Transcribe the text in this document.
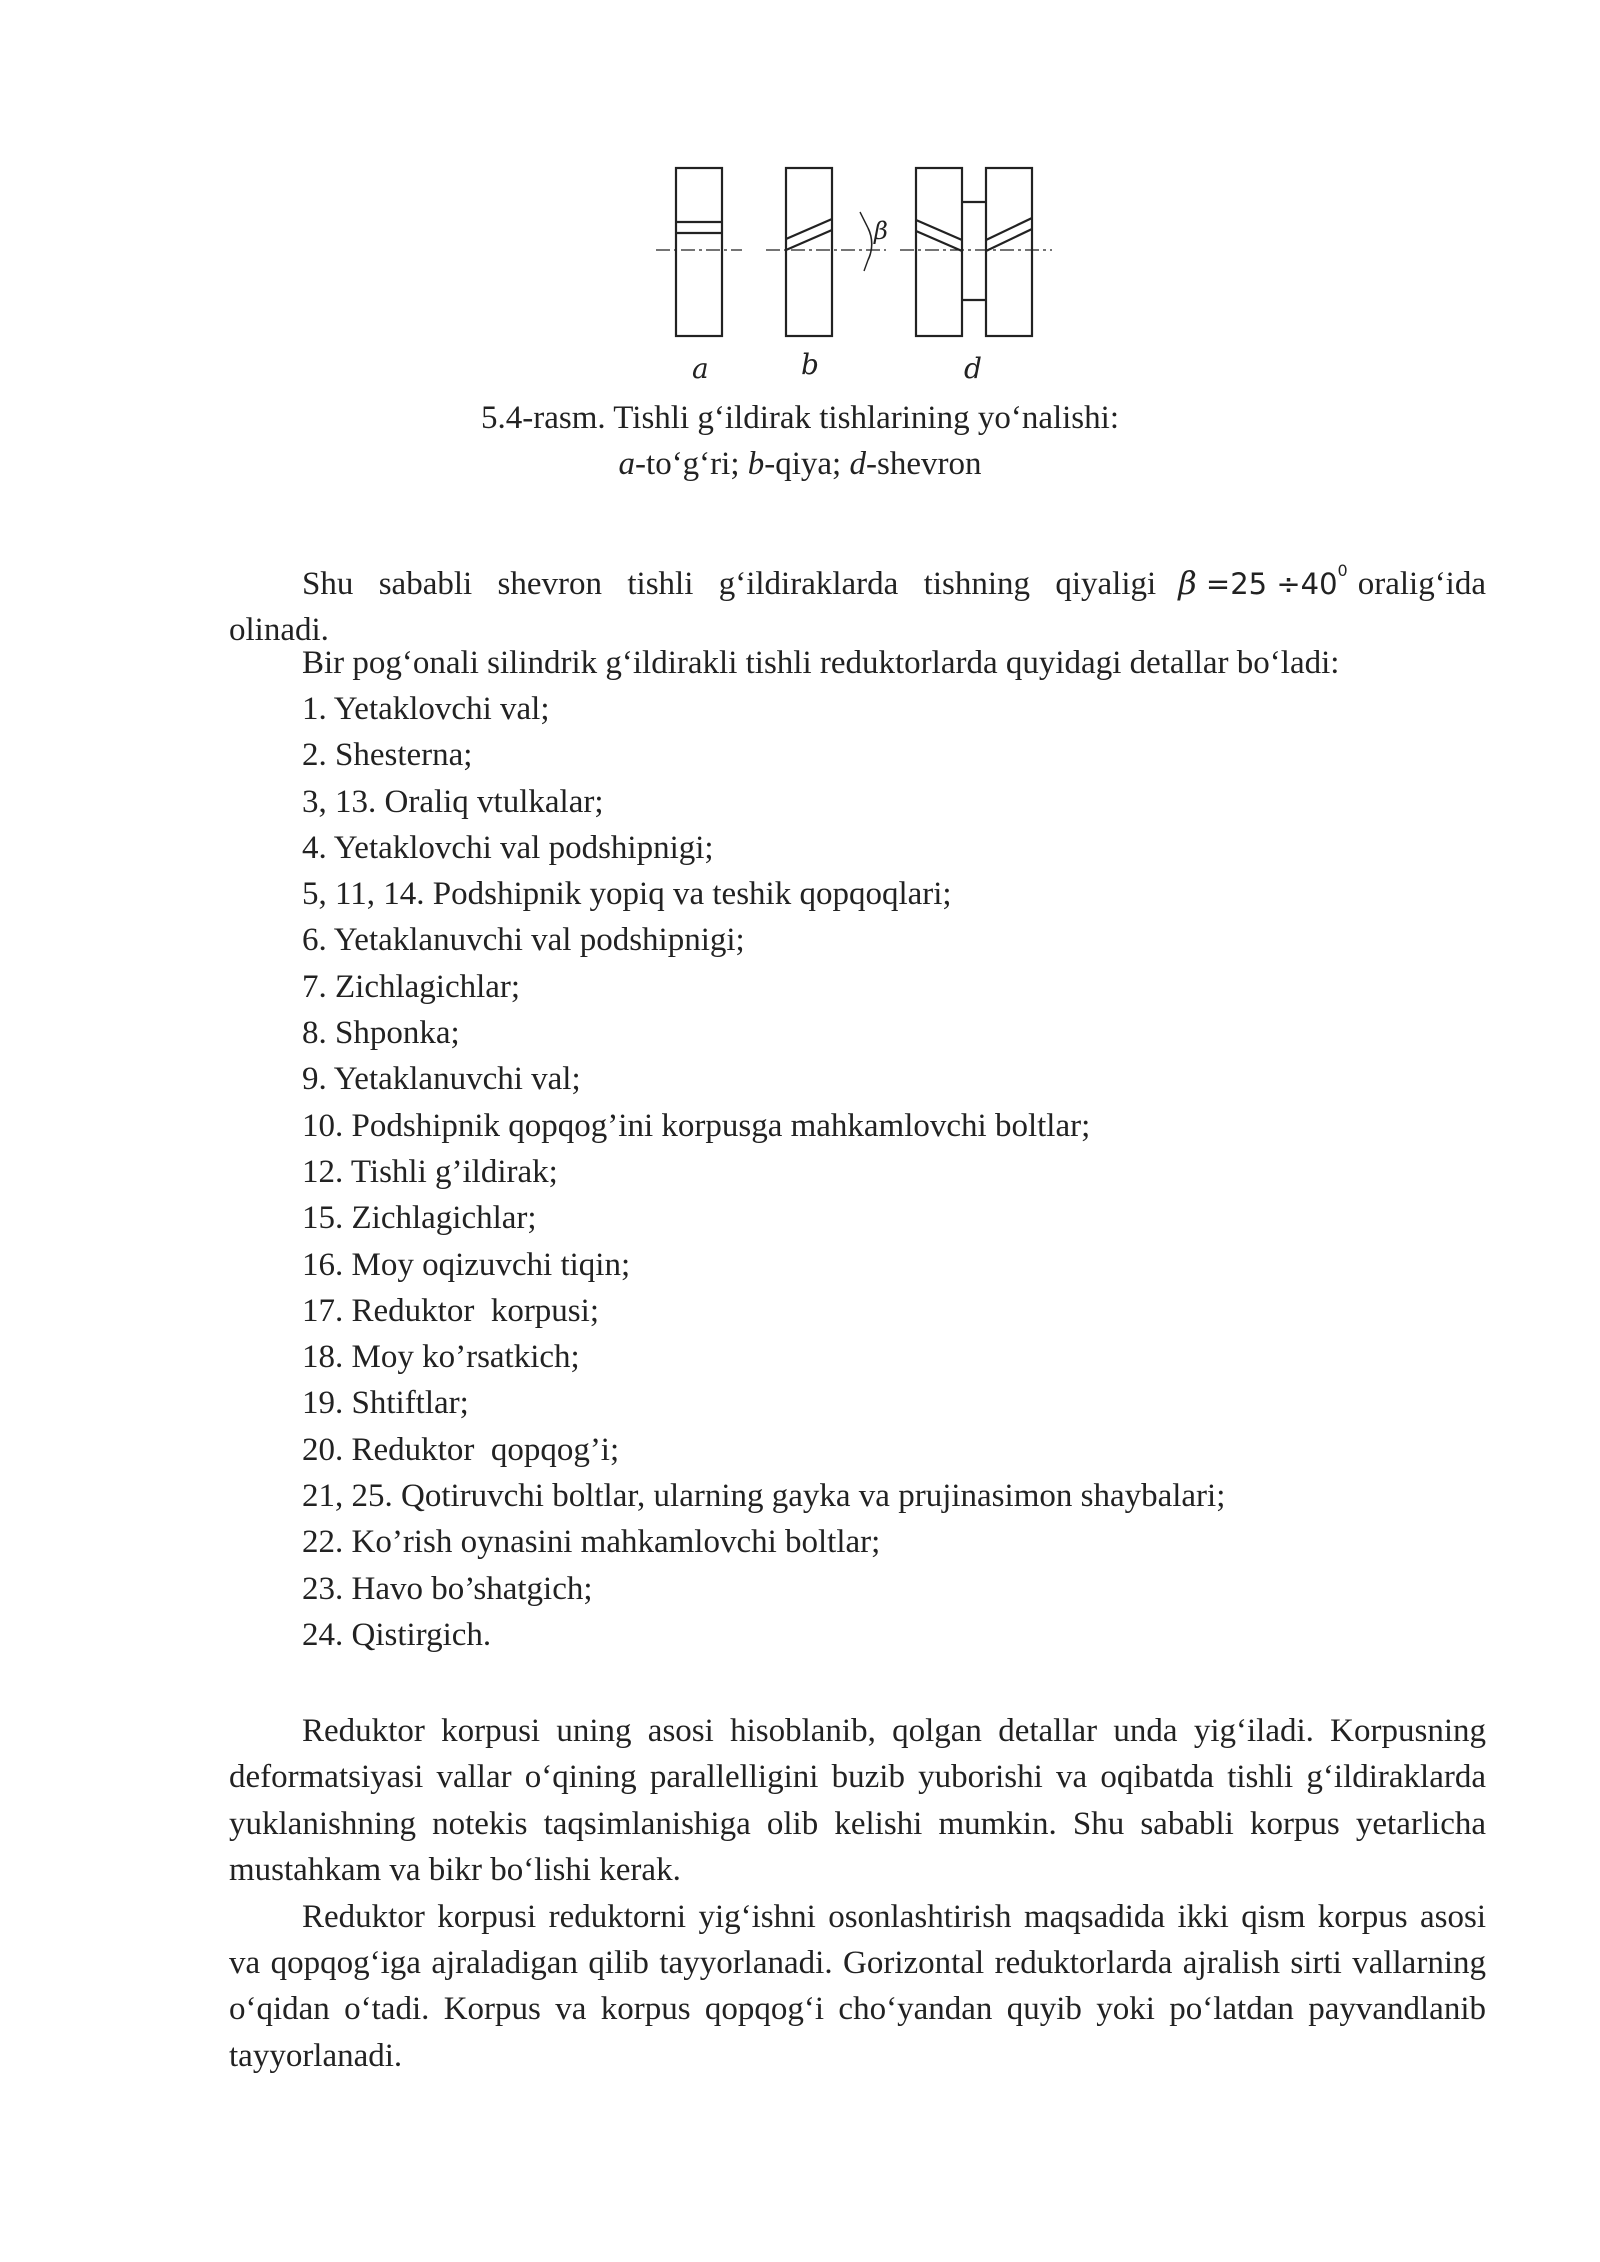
β
a	b	d
5.4-rasm. Tishli g‘ildirak tishlarining yo‘nalishi:
a-to‘g‘ri; b-qiya; d-shevron
Shu sababli shevron tishli g‘ildiraklarda tishning qiyaligi $\beta =25 \div 40^0$ oralig‘ida
olinadi.

Bir pog‘onali silindrik g‘ildirakli tishli reduktorlarda quyidagi detallar bo‘ladi:

1. Yetaklovchi val;
2. Shesterna;
3, 13. Oraliq vtulkalar;
4. Yetaklovchi val podshipnigi;
5, 11, 14. Podshipnik yopiq va teshik qopqoqlari;
6. Yetaklanuvchi val podshipnigi;
7. Zichlagichlar;
8. Shponka;
9. Yetaklanuvchi val;
10. Podshipnik qopqog’ini korpusga mahkamlovchi boltlar;
12. Tishli g’ildirak;
15. Zichlagichlar;
16. Moy oqizuvchi tiqin;
17. Reduktor  korpusi;
18. Moy ko’rsatkich;
19. Shtiftlar;
20. Reduktor  qopqog’i;
21, 25. Qotiruvchi boltlar, ularning gayka va prujinasimon shaybalari;
22. Ko’rish oynasini mahkamlovchi boltlar;
23. Havo bo’shatgich;
24. Qistirgich.

Reduktor korpusi uning asosi hisoblanib, qolgan detallar unda yig‘iladi. Korpusning deformatsiyasi vallar o‘qining parallelligini buzib yuborishi va oqibatda tishli g‘ildiraklarda yuklanishning notekis taqsimlanishiga olib kelishi mumkin. Shu sababli korpus yetarlicha mustahkam va bikr bo‘lishi kerak.

Reduktor korpusi reduktorni yig‘ishni osonlashtirish maqsadida ikki qism korpus asosi va qopqog‘iga ajraladigan qilib tayyorlanadi. Gorizontal reduktorlarda ajralish sirti vallarning o‘qidan o‘tadi. Korpus va korpus qopqog‘i cho‘yandan quyib yoki po‘latdan payvandlanib tayyorlanadi.
